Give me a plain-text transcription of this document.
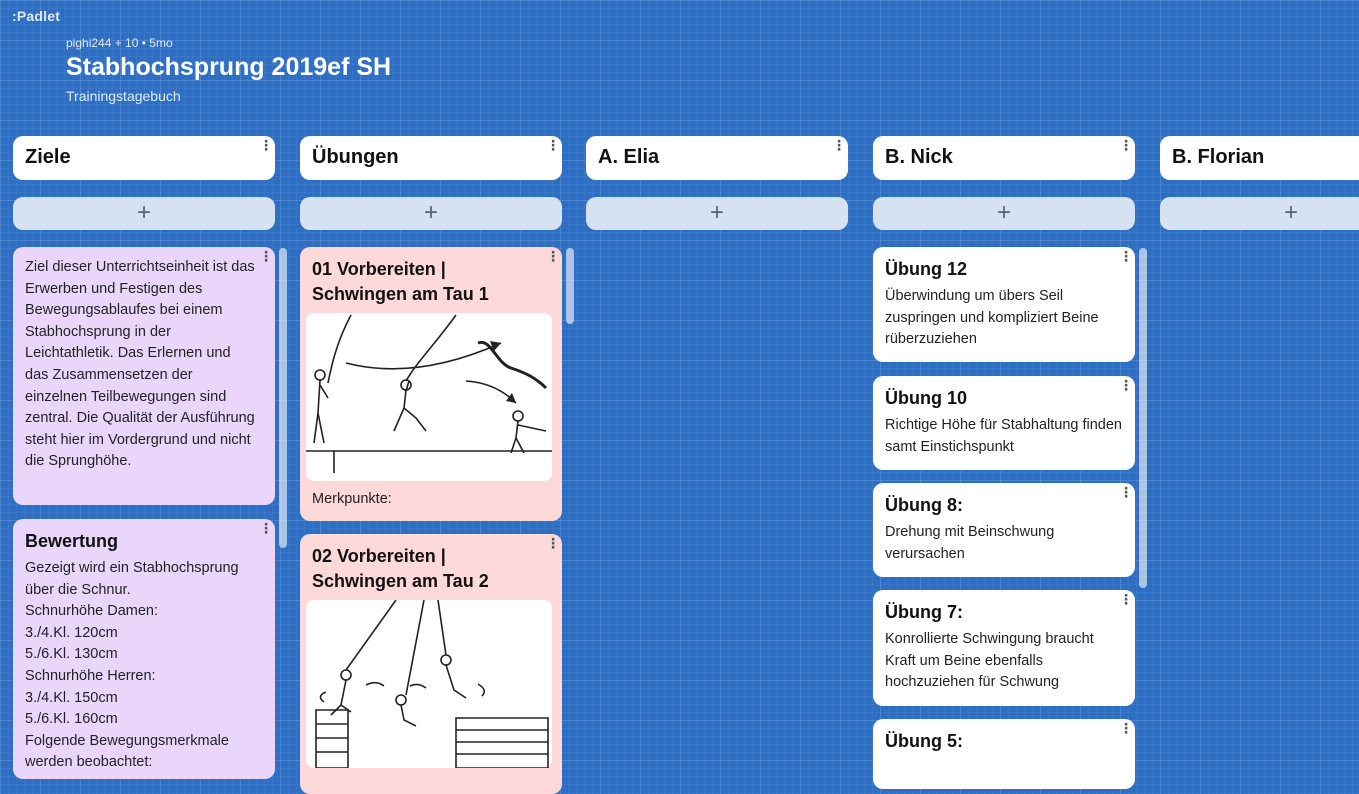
:Padlet
pighi244 + 10 • 5mo
Stabhochsprung 2019ef SH
Trainingstagebuch
Ziele
⋮
+
⋮
Ziel dieser Unterrichtseinheit ist das Erwerben und Festigen des Bewegungsablaufes bei einem Stabhochsprung in der Leichtathletik. Das Erlernen und das Zusammensetzen der einzelnen Teilbewegungen sind zentral. Die Qualität der Ausführung steht hier im Vordergrund und nicht die Sprunghöhe.
⋮
Bewertung
Gezeigt wird ein Stabhochsprung über die Schnur.
Schnurhöhe Damen:
3./4.Kl. 120cm
5./6.Kl. 130cm
Schnurhöhe Herren:
3./4.Kl. 150cm
5./6.Kl. 160cm
Folgende Bewegungsmerkmale werden beobachtet:
Übungen
⋮
+
⋮
01 Vorbereiten | Schwingen am Tau 1
Merkpunkte:
⋮
02 Vorbereiten | Schwingen am Tau 2
A. Elia
⋮
+
B. Nick
⋮
+
⋮
Übung 12
Überwindung um übers Seil zuspringen und kompliziert Beine rüberzuziehen
⋮
Übung 10
Richtige Höhe für Stabhaltung finden samt Einstichspunkt
⋮
Übung 8:
Drehung mit Beinschwung verursachen
⋮
Übung 7:
Konrollierte Schwingung braucht Kraft um Beine ebenfalls hochzuziehen für Schwung
⋮
Übung 5:
B. Florian
+
